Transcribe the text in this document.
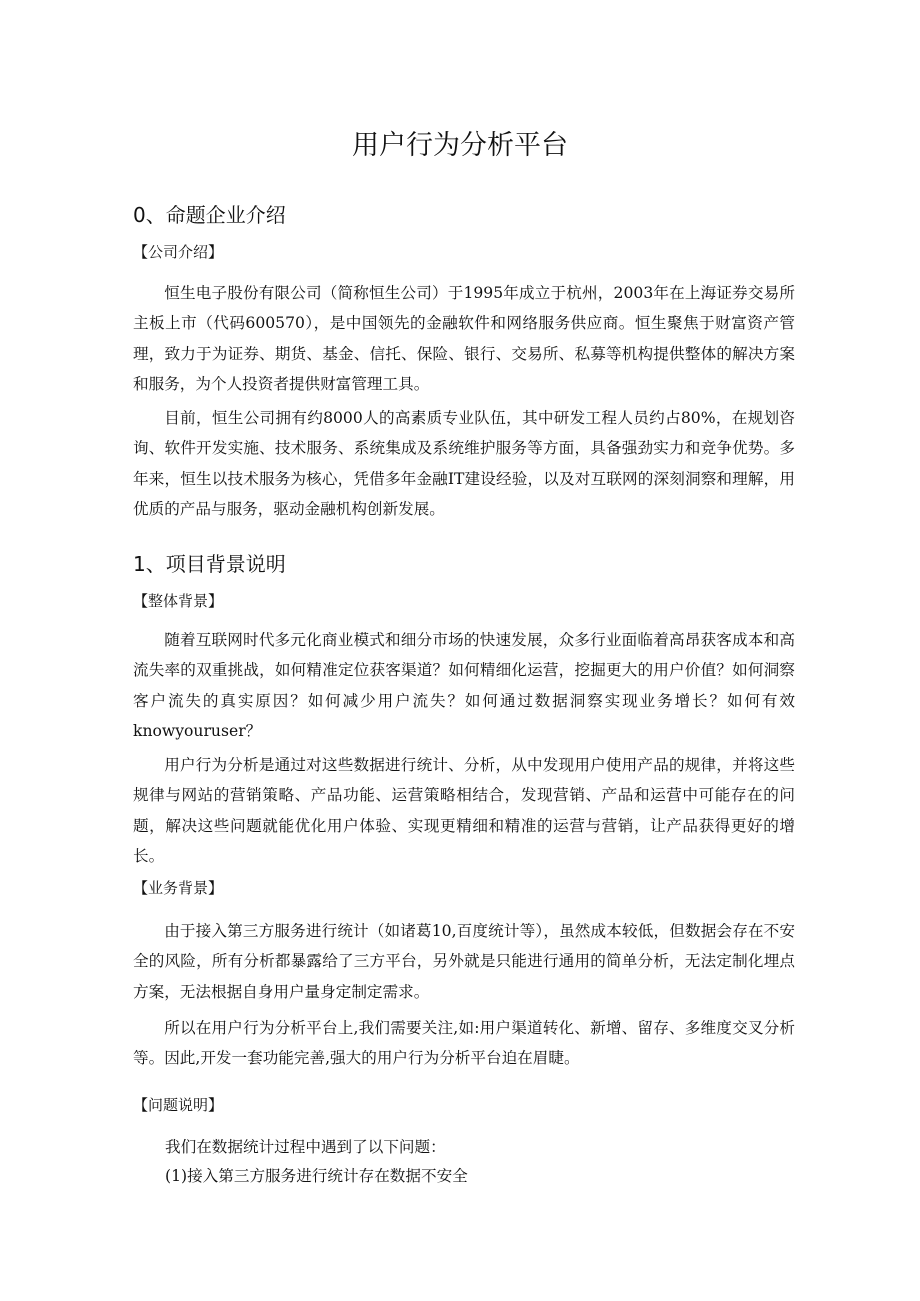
用户行为分析平台
0、命题企业介绍
【公司介绍】

恒生电子股份有限公司（简称恒生公司）于1995年成立于杭州，2003年在上海证券交易所主板上市（代码600570），是中国领先的金融软件和网络服务供应商。恒生聚焦于财富资产管理，致力于为证券、期货、基金、信托、保险、银行、交易所、私募等机构提供整体的解决方案和服务，为个人投资者提供财富管理工具。

目前，恒生公司拥有约8000人的高素质专业队伍，其中研发工程人员约占80%，在规划咨询、软件开发实施、技术服务、系统集成及系统维护服务等方面，具备强劲实力和竞争优势。多年来，恒生以技术服务为核心，凭借多年金融IT建设经验，以及对互联网的深刻洞察和理解，用优质的产品与服务，驱动金融机构创新发展。

1、项目背景说明
【整体背景】

随着互联网时代多元化商业模式和细分市场的快速发展，众多行业面临着高昂获客成本和高流失率的双重挑战，如何精准定位获客渠道？如何精细化运营，挖掘更大的用户价值？如何洞察客户流失的真实原因？如何减少用户流失？如何通过数据洞察实现业务增长？如何有效knowyouruser？

用户行为分析是通过对这些数据进行统计、分析，从中发现用户使用产品的规律，并将这些规律与网站的营销策略、产品功能、运营策略相结合，发现营销、产品和运营中可能存在的问题，解决这些问题就能优化用户体验、实现更精细和精准的运营与营销，让产品获得更好的增长。

【业务背景】

由于接入第三方服务进行统计（如诸葛10,百度统计等），虽然成本较低，但数据会存在不安全的风险，所有分析都暴露给了三方平台，另外就是只能进行通用的简单分析，无法定制化埋点方案，无法根据自身用户量身定制定需求。

所以在用户行为分析平台上,我们需要关注,如:用户渠道转化、新增、留存、多维度交叉分析等。因此,开发一套功能完善,强大的用户行为分析平台迫在眉睫。

【问题说明】

我们在数据统计过程中遇到了以下问题：

(1)接入第三方服务进行统计存在数据不安全
